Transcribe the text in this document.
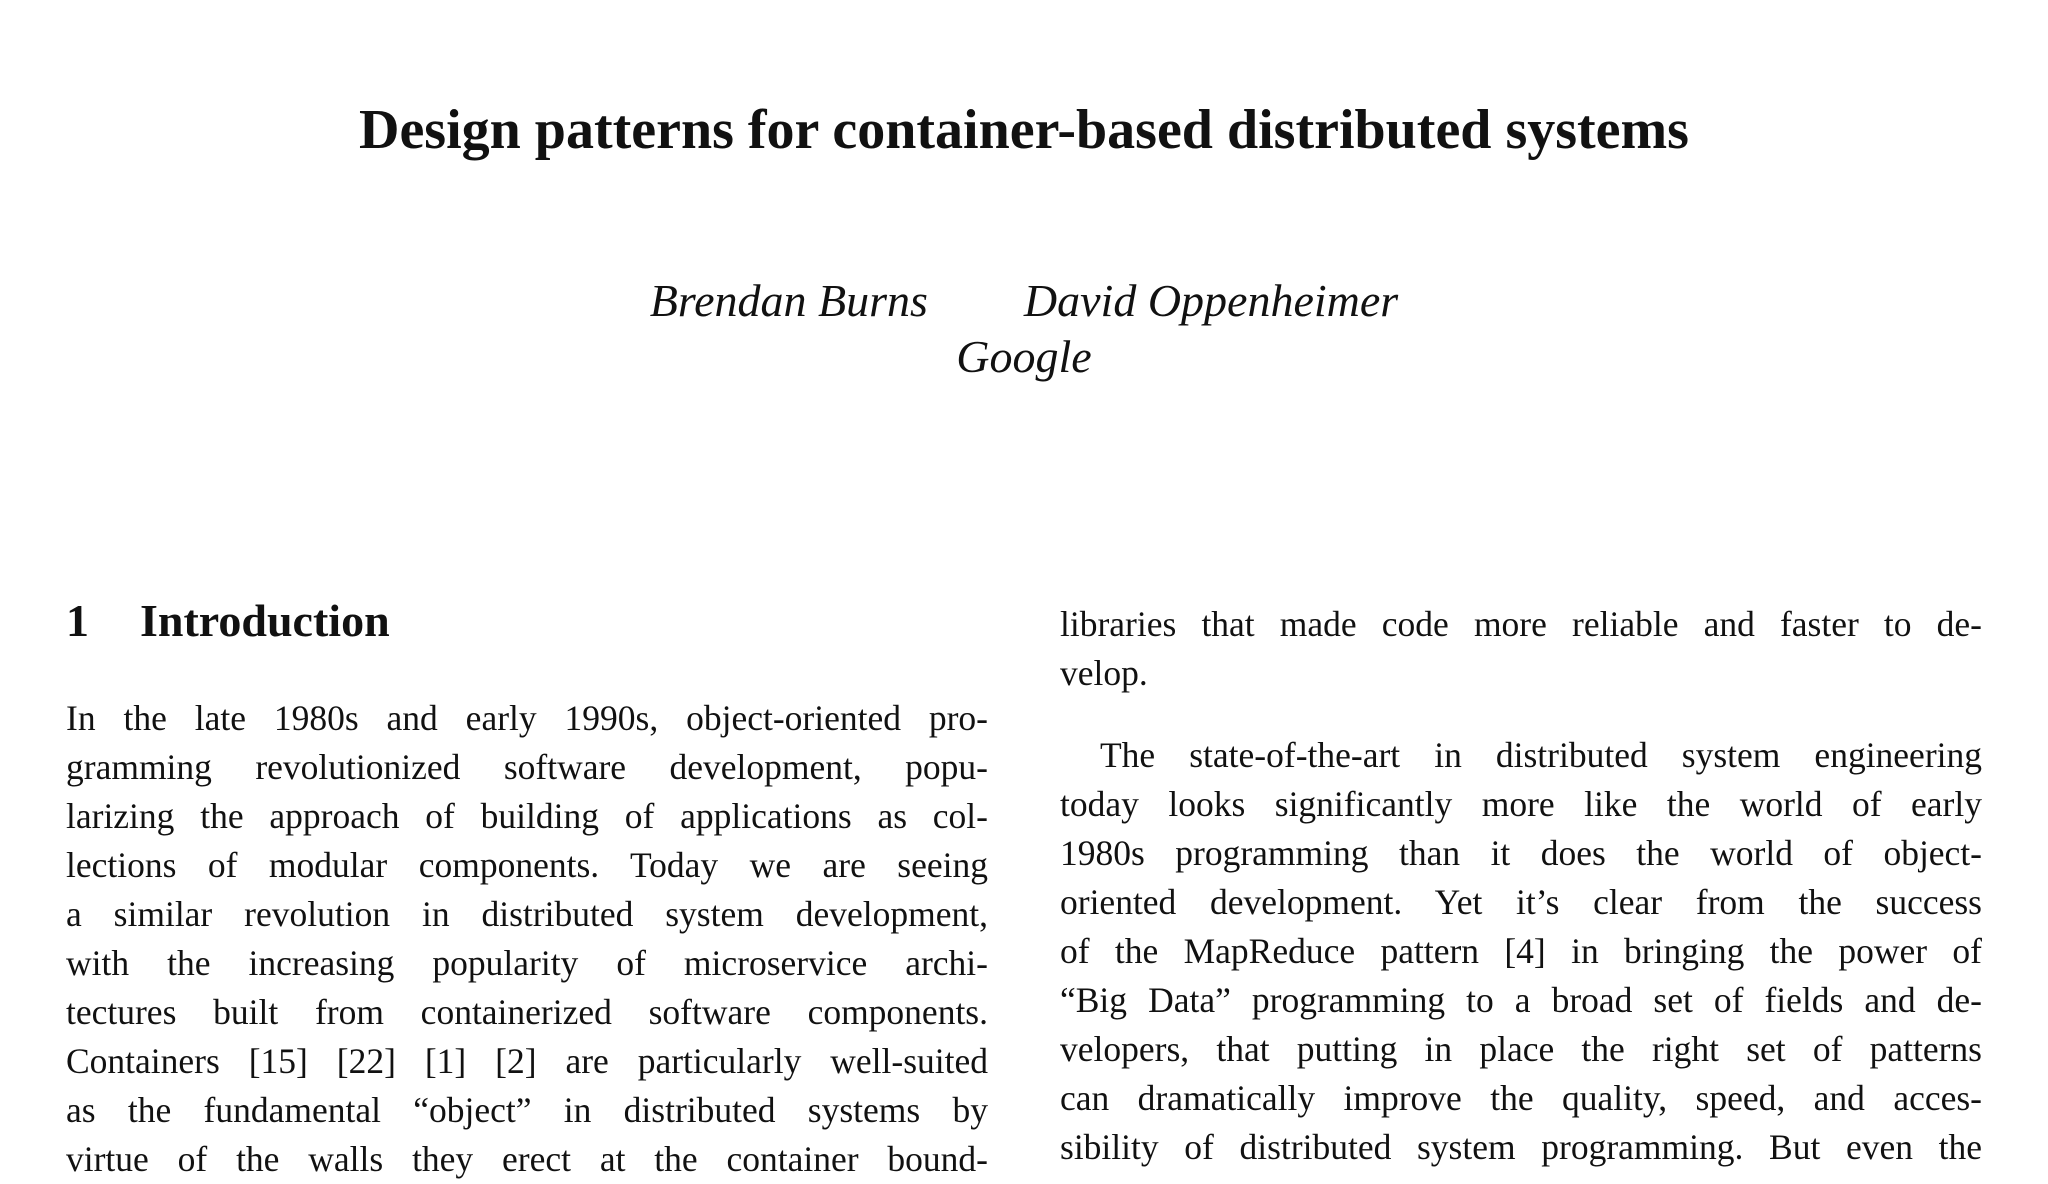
Design patterns for container-based distributed systems
Brendan Burns David Oppenheimer
Google
1 Introduction
In the late 1980s and early 1990s, object-oriented pro-
gramming revolutionized software development, popu-
larizing the approach of building of applications as col-
lections of modular components. Today we are seeing
a similar revolution in distributed system development,
with the increasing popularity of microservice archi-
tectures built from containerized software components.
Containers [15] [22] [1] [2] are particularly well-suited
as the fundamental “object” in distributed systems by
virtue of the walls they erect at the container bound-
libraries that made code more reliable and faster to de-
velop.
The state-of-the-art in distributed system engineering
today looks significantly more like the world of early
1980s programming than it does the world of object-
oriented development. Yet it’s clear from the success
of the MapReduce pattern [4] in bringing the power of
“Big Data” programming to a broad set of fields and de-
velopers, that putting in place the right set of patterns
can dramatically improve the quality, speed, and acces-
sibility of distributed system programming. But even the
